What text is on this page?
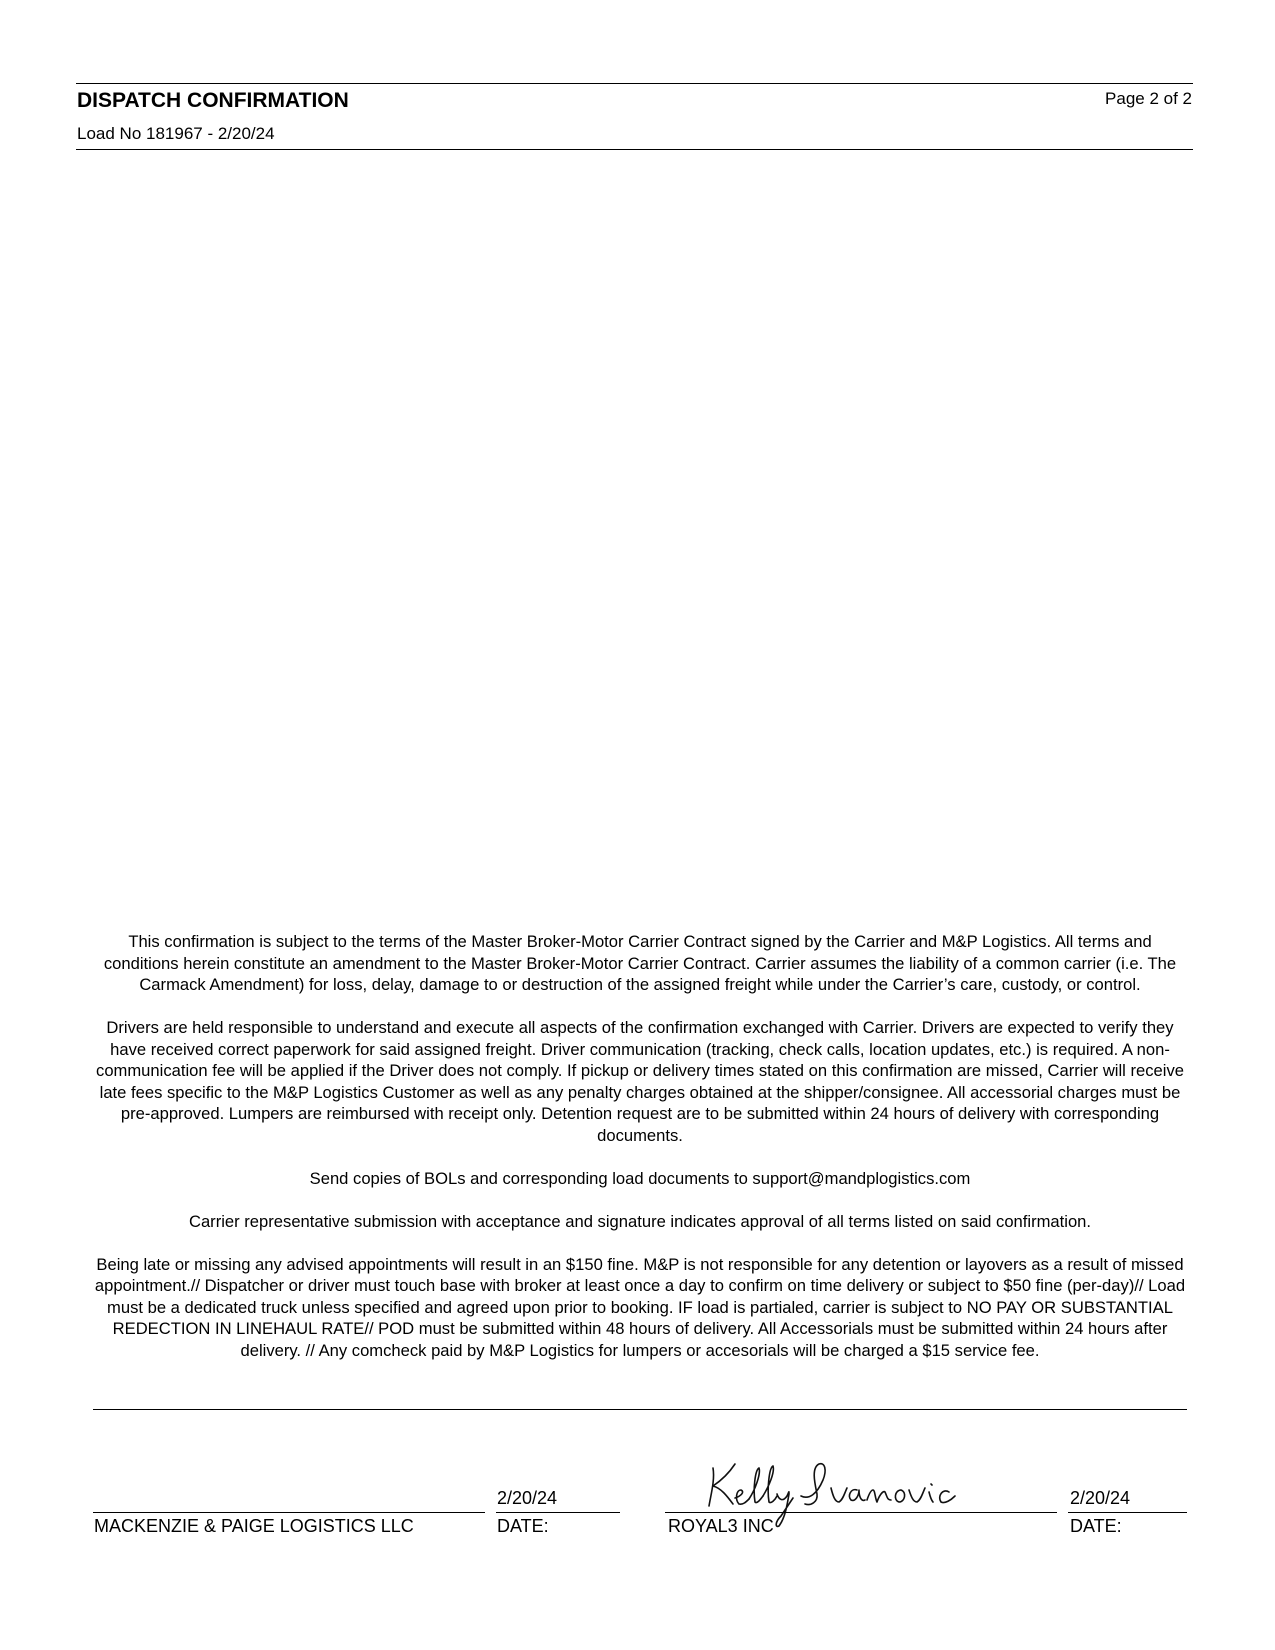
DISPATCH CONFIRMATION	Page 2 of 2
Load No 181967 - 2/20/24

This confirmation is subject to the terms of the Master Broker-Motor Carrier Contract signed by the Carrier and M&P Logistics. All terms and conditions herein constitute an amendment to the Master Broker-Motor Carrier Contract. Carrier assumes the liability of a common carrier (i.e. The Carmack Amendment) for loss, delay, damage to or destruction of the assigned freight while under the Carrier’s care, custody, or control.

Drivers are held responsible to understand and execute all aspects of the confirmation exchanged with Carrier. Drivers are expected to verify they have received correct paperwork for said assigned freight. Driver communication (tracking, check calls, location updates, etc.) is required. A non-communication fee will be applied if the Driver does not comply. If pickup or delivery times stated on this confirmation are missed, Carrier will receive late fees specific to the M&P Logistics Customer as well as any penalty charges obtained at the shipper/consignee. All accessorial charges must be pre-approved. Lumpers are reimbursed with receipt only. Detention request are to be submitted within 24 hours of delivery with corresponding documents.

Send copies of BOLs and corresponding load documents to support@mandplogistics.com

Carrier representative submission with acceptance and signature indicates approval of all terms listed on said confirmation.

Being late or missing any advised appointments will result in an $150 fine. M&P is not responsible for any detention or layovers as a result of missed appointment.// Dispatcher or driver must touch base with broker at least once a day to confirm on time delivery or subject to $50 fine (per-day)// Load must be a dedicated truck unless specified and agreed upon prior to booking. IF load is partialed, carrier is subject to NO PAY OR SUBSTANTIAL REDECTION IN LINEHAUL RATE// POD must be submitted within 48 hours of delivery. All Accessorials must be submitted within 24 hours after delivery. // Any comcheck paid by M&P Logistics for lumpers or accesorials will be charged a $15 service fee.

2/20/24	2/20/24
MACKENZIE & PAIGE LOGISTICS LLC	DATE:	ROYAL3 INC	DATE:
